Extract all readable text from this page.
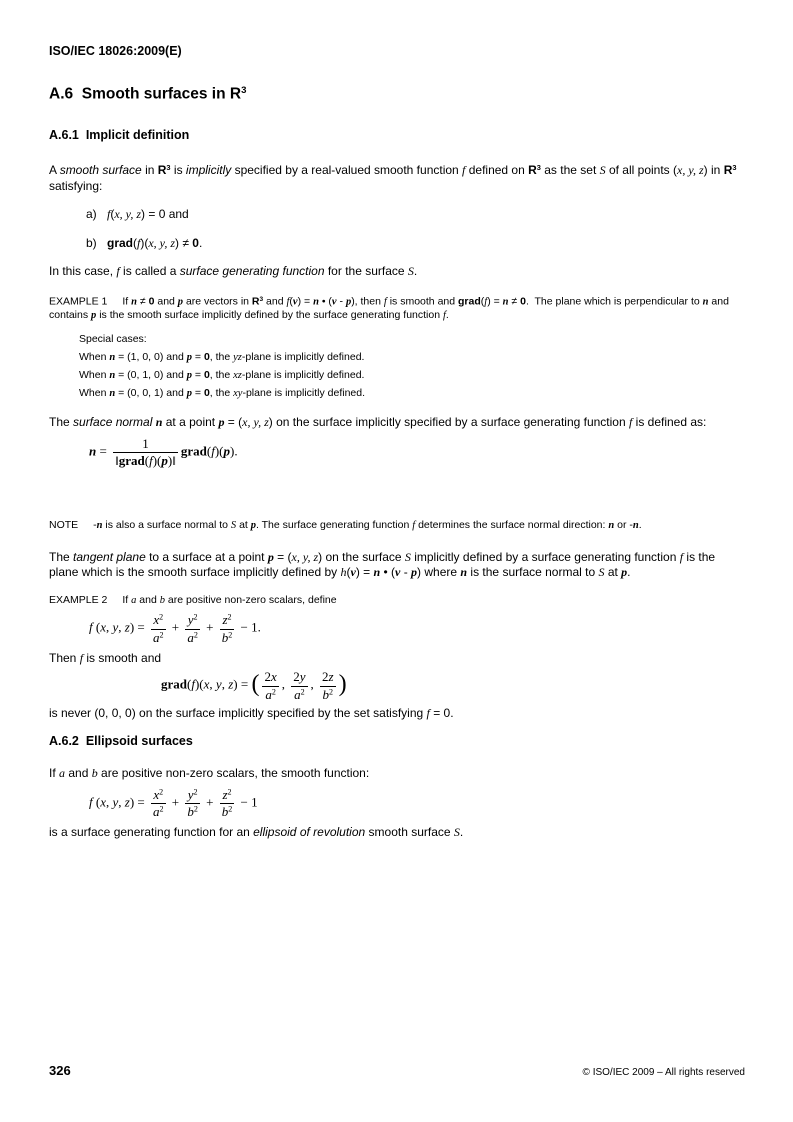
ISO/IEC 18026:2009(E)
A.6  Smooth surfaces in $R^3$
A.6.1  Implicit definition
A smooth surface in $R^3$ is implicitly specified by a real-valued smooth function f defined on $R^3$ as the set S of all points (x, y, z) in $R^3$ satisfying:
a) f(x, y, z) = 0 and
b) grad(f)(x, y, z) ≠ 0.
In this case, f is called a surface generating function for the surface S.
EXAMPLE 1 If n ≠ 0 and p are vectors in $R^3$ and f(v) = n • (v - p), then f is smooth and grad(f) = n ≠ 0.  The plane which is perpendicular to n and contains p is the smooth surface implicitly defined by the surface generating function f.
Special cases:
When n = (1, 0, 0) and p = 0, the yz-plane is implicitly defined.
When n = (0, 1, 0) and p = 0, the xz-plane is implicitly defined.
When n = (0, 0, 1) and p = 0, the xy-plane is implicitly defined.
The surface normal n at a point p = (x, y, z) on the surface implicitly specified by a surface generating function f is defined as:
$n = \frac{1}{\text{‖grad(f)(p)‖}}$ grad(f)(p).
NOTE -n is also a surface normal to S at p. The surface generating function f determines the surface normal direction: n or -n.
The tangent plane to a surface at a point p = (x, y, z) on the surface S implicitly defined by a surface generating function f is the plane which is the smooth surface implicitly defined by h(v) = n • (v - p) where n is the surface normal to S at p.
EXAMPLE 2 If a and b are positive non-zero scalars, define
f (x, y, $z) = \frac{x^2}{a^2} + \frac{y^2}{a^2} + \frac{z^2}{b^2} - 1$.
Then f is smooth and
grad(f)(x, y, z) = ( $\frac{2x}{a^2}$ , $\frac{2y}{a^2}$ , $\frac{2z}{b^2}$ )
is never (0, 0, 0) on the surface implicitly specified by the set satisfying f = 0.
A.6.2  Ellipsoid surfaces
If a and b are positive non-zero scalars, the smooth function:
f (x, y, $z) = \frac{x^2}{a^2} + \frac{y^2}{b^2} + \frac{z^2}{b^2} - 1$
is a surface generating function for an ellipsoid of revolution smooth surface S.
326	© ISO/IEC 2009 – All rights reserved
